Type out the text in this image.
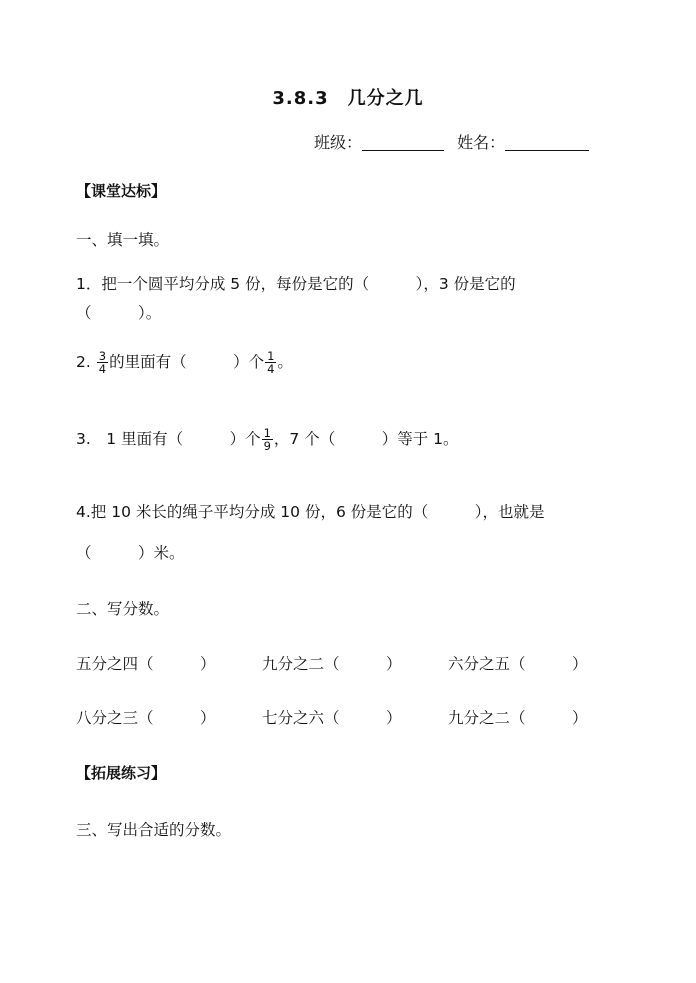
3.8.3　几分之几
班级：	姓名：
【课堂达标】
一、填一填。
1．把一个圆平均分成 5 份，每份是它的（　　　），3 份是它的
（　　　）。
2. $\frac{3}{4}$ 的里面有（　　　）个 $\frac{1}{4}$ 。
3.　1 里面有（　　　）个 $\frac{1}{9}$ ，7 个（　　　）等于 1。
4.把 10 米长的绳子平均分成 10 份，6 份是它的（　　　），也就是
（　　　）米。
二、写分数。
五分之四（　　　）	九分之二（　　　）	六分之五（　　　）
八分之三（　　　）	七分之六（　　　）	九分之二（　　　）
【拓展练习】
三、写出合适的分数。
